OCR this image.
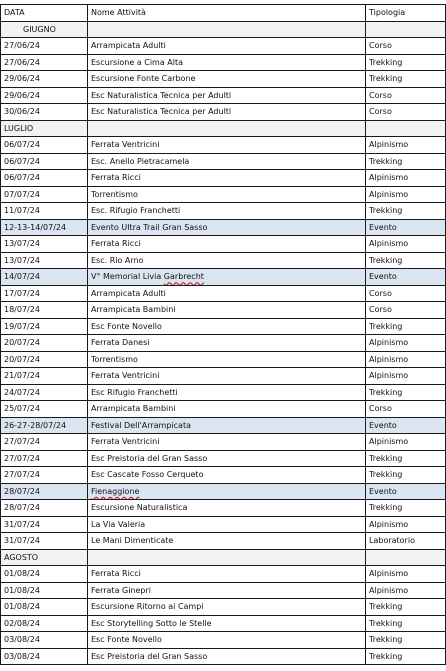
DATA	Nome Attività	Tipologia
GIUGNO		
27/06/24	Arrampicata Adulti	Corso
27/06/24	Escursione a Cima Alta	Trekking
29/06/24	Escursione Fonte Carbone	Trekking
29/06/24	Esc Naturalistica Tecnica per Adulti	Corso
30/06/24	Esc Naturalistica Tecnica per Adulti	Corso
LUGLIO		
06/07/24	Ferrata Ventricini	Alpinismo
06/07/24	Esc. Anello Pietracamela	Trekking
06/07/24	Ferrata Ricci	Alpinismo
07/07/24	Torrentismo	Alpinismo
11/07/24	Esc. Rifugio Franchetti	Trekking
12-13-14/07/24	Evento Ultra Trail Gran Sasso	Evento
13/07/24	Ferrata Ricci	Alpinismo
13/07/24	Esc. Rio Arno	Trekking
14/07/24	V° Memorial Livia Garbrecht	Evento
17/07/24	Arrampicata Adulti	Corso
18/07/24	Arrampicata Bambini	Corso
19/07/24	Esc Fonte Novello	Trekking
20/07/24	Ferrata Danesi	Alpinismo
20/07/24	Torrentismo	Alpinismo
21/07/24	Ferrata Ventricini	Alpinismo
24/07/24	Esc Rifugio Franchetti	Trekking
25/07/24	Arrampicata Bambini	Corso
26-27-28/07/24	Festival Dell'Arrampicata	Evento
27/07/24	Ferrata Ventricini	Alpinismo
27/07/24	Esc Preistoria del Gran Sasso	Trekking
27/07/24	Esc Cascate Fosso Cerqueto	Trekking
28/07/24	Fienaggione	Evento
28/07/24	Escursione Naturalistica	Trekking
31/07/24	La Via Valeria	Alpinismo
31/07/24	Le Mani Dimenticate	Laboratorio
AGOSTO		
01/08/24	Ferrata Ricci	Alpinismo
01/08/24	Ferrata Ginepri	Alpinismo
01/08/24	Escursione Ritorno ai Campi	Trekking
02/08/24	Esc Storytelling Sotto le Stelle	Trekking
03/08/24	Esc Fonte Novello	Trekking
03/08/24	Esc Preistoria del Gran Sasso	Trekking
